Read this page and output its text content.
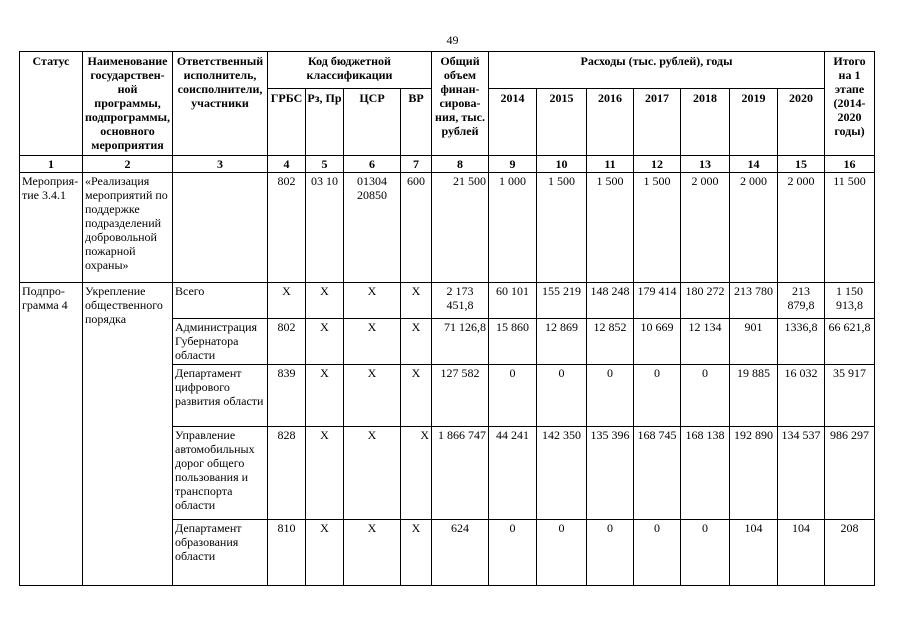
49
Статус	Наименование государствен-ной программы, подпрограммы, основного мероприятия	Ответственный исполнитель, соисполнители, участники	Код бюджетной классификации				Общий объем финан-сирова-ния, тыс. рублей	Расходы (тыс. рублей), годы							Итого на 1 этапе (2014-2020 годы)
			ГРБС	Рз, Пр	ЦСР	ВР		2014	2015	2016	2017	2018	2019	2020	
1	2	3	4	5	6	7	8	9	10	11	12	13	14	15	16
Мероприя-тие 3.4.1	«Реализация мероприятий по поддержке подразделений добровольной пожарной охраны»		802	03 10	01304 20850	600	21 500	1 000	1 500	1 500	1 500	2 000	2 000	2 000	11 500
Подпро-грамма 4	Укрепление общественного порядка	Всего	X	X	X	X	2 173 451,8	60 101	155 219	148 248	179 414	180 272	213 780	213 879,8	1 150 913,8
		Администрация Губернатора области	802	X	X	X	71 126,8	15 860	12 869	12 852	10 669	12 134	901	1336,8	66 621,8
		Департамент цифрового развития области	839	X	X	X	127 582	0	0	0	0	0	19 885	16 032	35 917
		Управление автомобильных дорог общего пользования и транспорта области	828	X	X	X	1 866 747	44 241	142 350	135 396	168 745	168 138	192 890	134 537	986 297
		Департамент образования области	810	X	X	X	624	0	0	0	0	0	104	104	208
